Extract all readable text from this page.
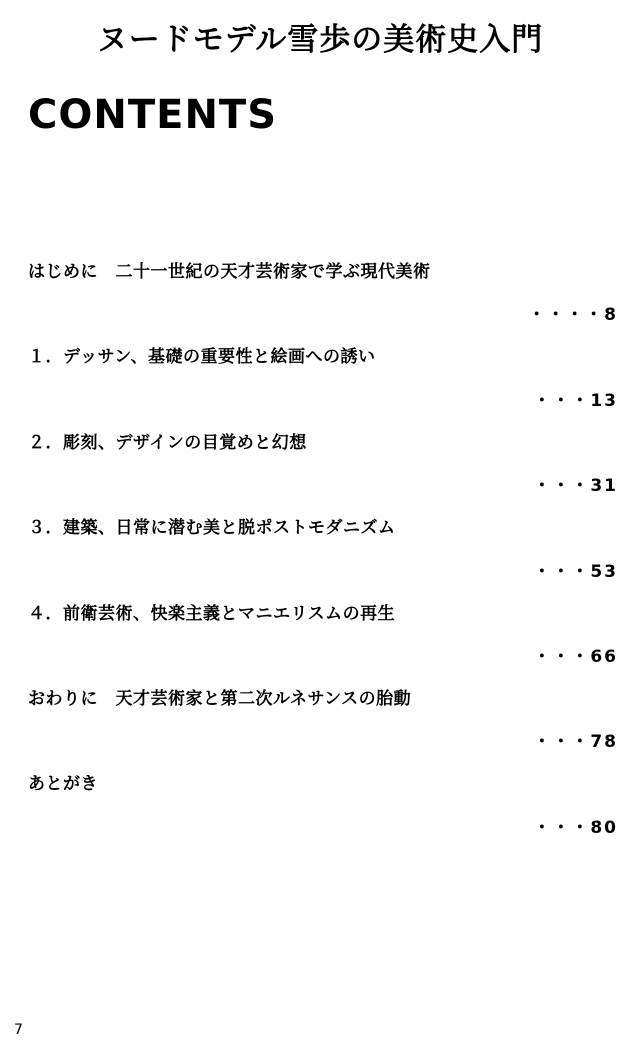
ヌードモデル雪歩の美術史入門
CONTENTS
はじめに　二十一世紀の天才芸術家で学ぶ現代美術
・・・・8
１．デッサン、基礎の重要性と絵画への誘い
・・・13
２．彫刻、デザインの目覚めと幻想
・・・31
３．建築、日常に潜む美と脱ポストモダニズム
・・・53
４．前衛芸術、快楽主義とマニエリスムの再生
・・・66
おわりに　天才芸術家と第二次ルネサンスの胎動
・・・78
あとがき
・・・80
7
